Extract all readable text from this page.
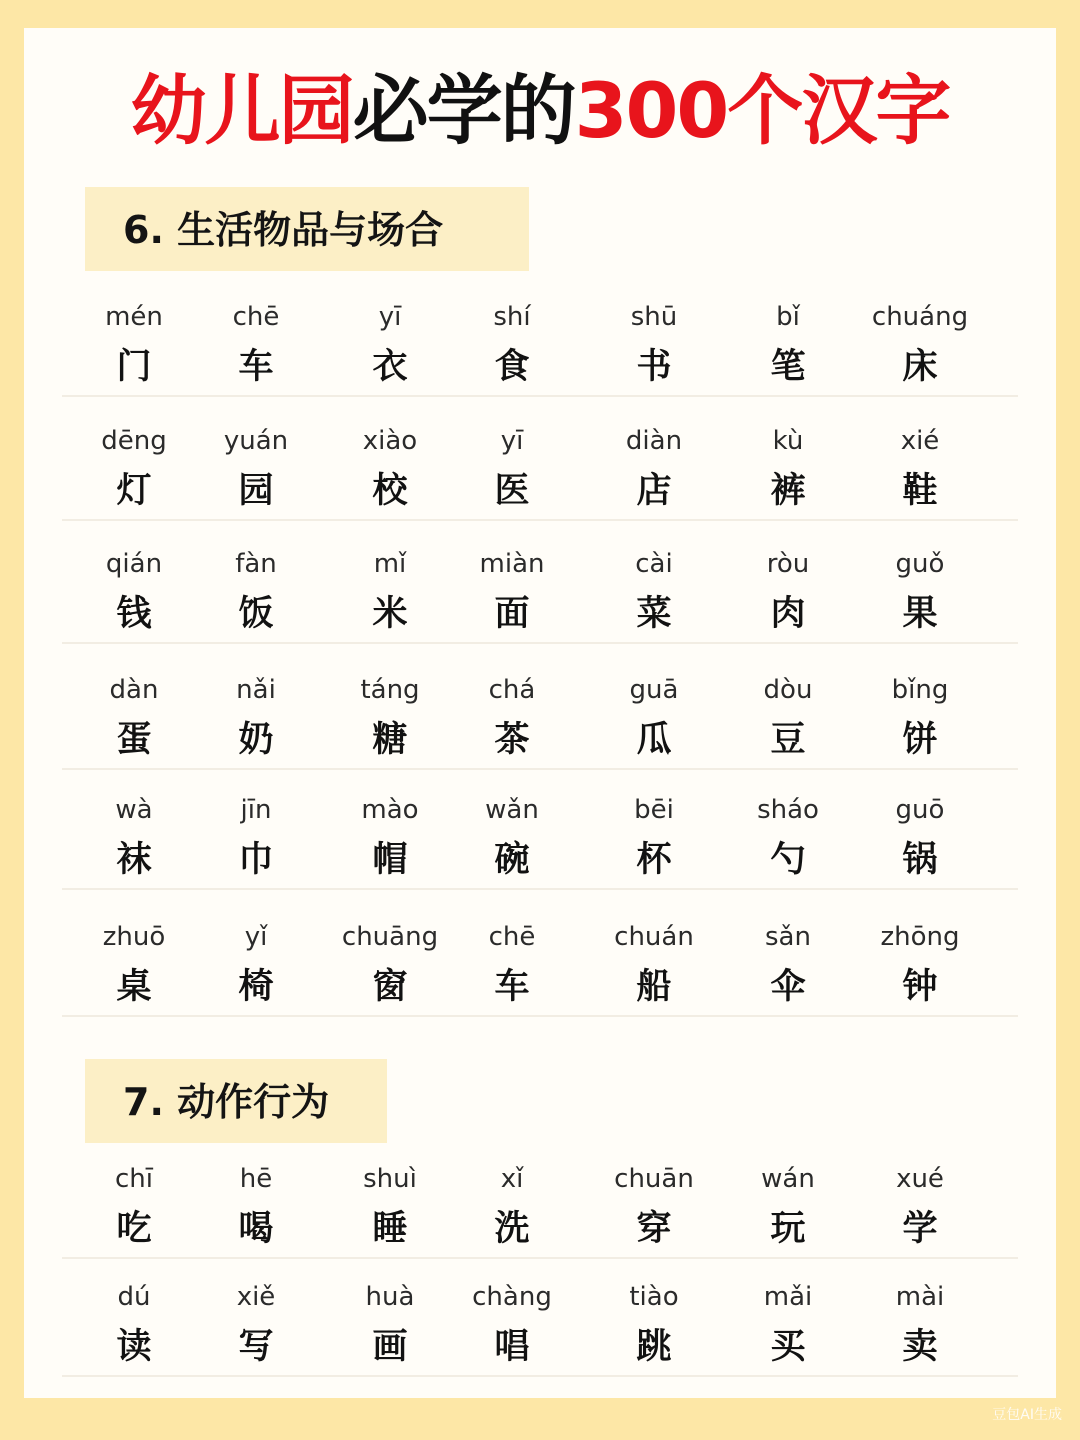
幼儿园必学的300个汉字
6. 生活物品与场合
7. 动作行为
mén
门
chē
车
yī
衣
shí
食
shū
书
bǐ
笔
chuáng
床
dēng
灯
yuán
园
xiào
校
yī
医
diàn
店
kù
裤
xié
鞋
qián
钱
fàn
饭
mǐ
米
miàn
面
cài
菜
ròu
肉
guǒ
果
dàn
蛋
nǎi
奶
táng
糖
chá
茶
guā
瓜
dòu
豆
bǐng
饼
wà
袜
jīn
巾
mào
帽
wǎn
碗
bēi
杯
sháo
勺
guō
锅
zhuō
桌
yǐ
椅
chuāng
窗
chē
车
chuán
船
sǎn
伞
zhōng
钟
chī
吃
hē
喝
shuì
睡
xǐ
洗
chuān
穿
wán
玩
xué
学
dú
读
xiě
写
huà
画
chàng
唱
tiào
跳
mǎi
买
mài
卖
豆包AI生成
